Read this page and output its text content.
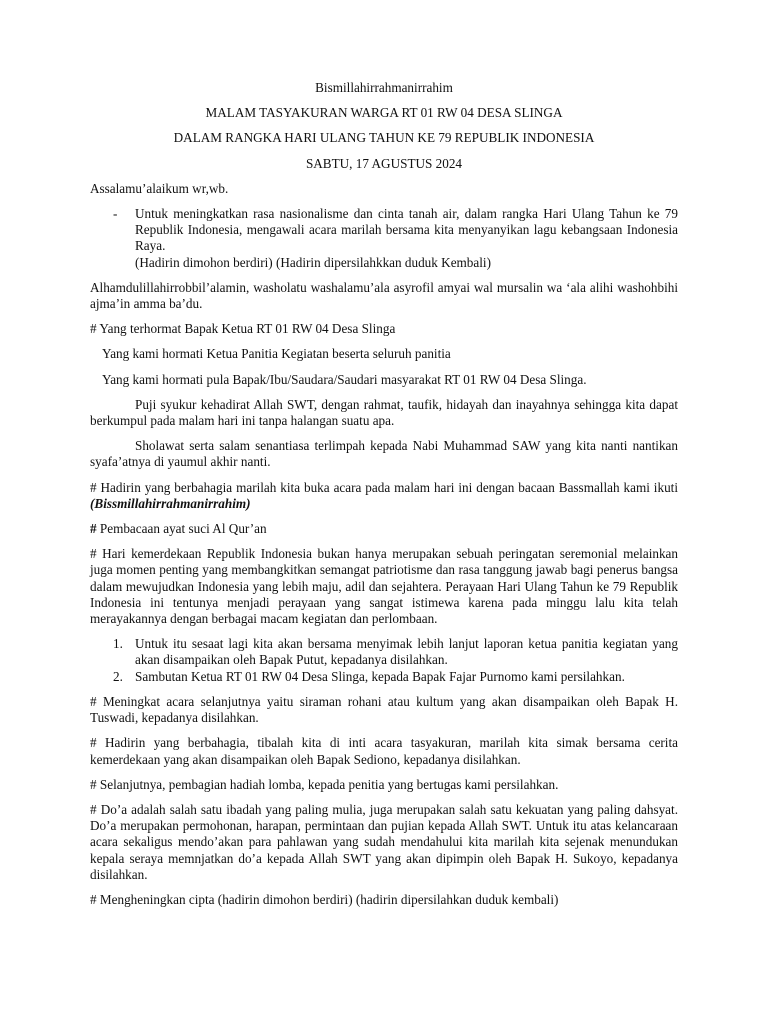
Bismillahirrahmanirrahim
MALAM TASYAKURAN WARGA RT 01 RW 04 DESA SLINGA
DALAM RANGKA HARI ULANG TAHUN KE 79 REPUBLIK INDONESIA
SABTU, 17 AGUSTUS 2024

Assalamu’alaikum wr,wb.

-	Untuk meningkatkan rasa nasionalisme dan cinta tanah air, dalam rangka Hari Ulang Tahun ke 79 Republik Indonesia, mengawali acara marilah bersama kita menyanyikan lagu kebangsaan Indonesia Raya.
(Hadirin dimohon berdiri) (Hadirin dipersilahkkan duduk Kembali)

Alhamdulillahirrobbil’alamin, washolatu washalamu’ala asyrofil amyai wal mursalin wa ‘ala alihi washohbihi ajma’in amma ba’du.

# Yang terhormat Bapak Ketua RT 01 RW 04 Desa Slinga

Yang kami hormati Ketua Panitia Kegiatan beserta seluruh panitia

Yang kami hormati pula Bapak/Ibu/Saudara/Saudari masyarakat RT 01 RW 04 Desa Slinga.

Puji syukur kehadirat Allah SWT, dengan rahmat, taufik, hidayah dan inayahnya sehingga kita dapat berkumpul pada malam hari ini tanpa halangan suatu apa.

Sholawat serta salam senantiasa terlimpah kepada Nabi Muhammad SAW yang kita nanti nantikan syafa’atnya di yaumul akhir nanti.

# Hadirin yang berbahagia marilah kita buka acara pada malam hari ini dengan bacaan Bassmallah kami ikuti (Bissmillahirrahmanirrahim)

# Pembacaan ayat suci Al Qur’an

# Hari kemerdekaan Republik Indonesia bukan hanya merupakan sebuah peringatan seremonial melainkan juga momen penting yang membangkitkan semangat patriotisme dan rasa tanggung jawab bagi penerus bangsa dalam mewujudkan Indonesia yang lebih maju, adil dan sejahtera. Perayaan Hari Ulang Tahun ke 79 Republik Indonesia ini tentunya menjadi perayaan yang sangat istimewa karena pada minggu lalu kita telah merayakannya dengan berbagai macam kegiatan dan perlombaan.

1. Untuk itu sesaat lagi kita akan bersama menyimak lebih lanjut laporan ketua panitia kegiatan yang akan disampaikan oleh Bapak Putut, kepadanya disilahkan.
2. Sambutan Ketua RT 01 RW 04 Desa Slinga, kepada Bapak Fajar Purnomo kami persilahkan.

# Meningkat acara selanjutnya yaitu siraman rohani atau kultum yang akan disampaikan oleh Bapak H. Tuswadi, kepadanya disilahkan.

# Hadirin yang berbahagia, tibalah kita di inti acara tasyakuran, marilah kita simak bersama cerita kemerdekaan yang akan disampaikan oleh Bapak Sediono, kepadanya disilahkan.

# Selanjutnya, pembagian hadiah lomba, kepada penitia yang bertugas kami persilahkan.

# Do’a adalah salah satu ibadah yang paling mulia, juga merupakan salah satu kekuatan yang paling dahsyat. Do’a merupakan permohonan, harapan, permintaan dan pujian kepada Allah SWT. Untuk itu atas kelancaraan acara sekaligus mendo’akan para pahlawan yang sudah mendahului kita marilah kita sejenak menundukan kepala seraya memnjatkan do’a kepada Allah SWT yang akan dipimpin oleh Bapak H. Sukoyo, kepadanya disilahkan.

# Mengheningkan cipta (hadirin dimohon berdiri) (hadirin dipersilahkan duduk kembali)
